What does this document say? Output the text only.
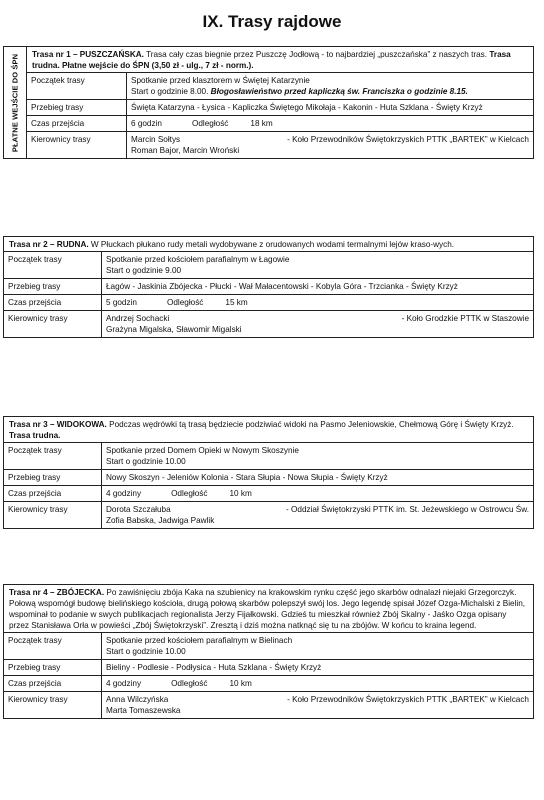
IX. Trasy rajdowe
PŁATNE WEJŚCIE DO ŚPN	Trasa nr 1 – PUSZCZAŃSKA. Trasa cały czas biegnie przez Puszczę Jodłową - to najbardziej „puszczańska” z naszych tras. Trasa trudna. Płatne wejście do ŚPN (3,50 zł - ulg., 7 zł - norm.).
Początek trasy	Spotkanie przed klasztorem w Świętej Katarzynie
Start o godzinie 8.00. Błogosławieństwo przed kapliczką św. Franciszka o godzinie 8.15.
Przebieg trasy	Święta Katarzyna - Łysica - Kapliczka Świętego Mikołaja - Kakonin - Huta Szklana - Święty Krzyż
Czas przejścia	6 godzin	Odległość	18 km
Kierownicy trasy	Marcin Sołtys	- Koło Przewodników Świętokrzyskich PTTK „BARTEK” w Kielcach
Roman Bajor, Marcin Wroński
Trasa nr 2 – RUDNA. W Płuckach płukano rudy metali wydobywane z orudowanych wodami termalnymi lejów kraso-wych.
Początek trasy	Spotkanie przed kościołem parafialnym w Łagowie
Start o godzinie 9.00
Przebieg trasy	Łagów - Jaskinia Zbójecka - Płucki - Wał Małacentowski - Kobyla Góra - Trzcianka - Święty Krzyż
Czas przejścia	5 godzin	Odległość	15 km
Kierownicy trasy	Andrzej Sochacki	- Koło Grodzkie PTTK w Staszowie
Grażyna Migalska, Sławomir Migalski
Trasa nr 3 – WIDOKOWA. Podczas wędrówki tą trasą będziecie podziwiać widoki na Pasmo Jeleniowskie, Chełmową Górę i Święty Krzyż. Trasa trudna.
Początek trasy	Spotkanie przed Domem Opieki w Nowym Skoszynie
Start o godzinie 10.00
Przebieg trasy	Nowy Skoszyn - Jeleniów Kolonia - Stara Słupia - Nowa Słupia - Święty Krzyż
Czas przejścia	4 godziny	Odległość	10 km
Kierownicy trasy	Dorota Szczałuba	- Oddział Świętokrzyski PTTK im. St. Jeżewskiego w Ostrowcu Św.
Zofia Babska, Jadwiga Pawlik
Trasa nr 4 – ZBÓJECKA. Po zawiśnięciu zbója Kaka na szubienicy na krakowskim rynku część jego skarbów odnalazł niejaki Grzegorczyk. Połową wspomógł budowę bielińskiego kościoła, drugą połową skarbów polepszył swój los. Jego legendę spisał Józef Ozga-Michalski z Bielin, wspominał to podanie w swych publikacjach regionalista Jerzy Fijałkowski. Gdzieś tu mieszkał również Zbój Skalny - Jaśko Ozga opisany przez Stanisława Orła w powieści „Zbój Świętokrzyski”. Zresztą i dziś można natknąć się tu na zbójów. W końcu to kraina legend.
Początek trasy	Spotkanie przed kościołem parafialnym w Bielinach
Start o godzinie 10.00
Przebieg trasy	Bieliny - Podlesie - Podłysica - Huta Szklana - Święty Krzyż
Czas przejścia	4 godziny	Odległość	10 km
Kierownicy trasy	Anna Wilczyńska	- Koło Przewodników Świętokrzyskich PTTK „BARTEK” w Kielcach
Marta Tomaszewska
